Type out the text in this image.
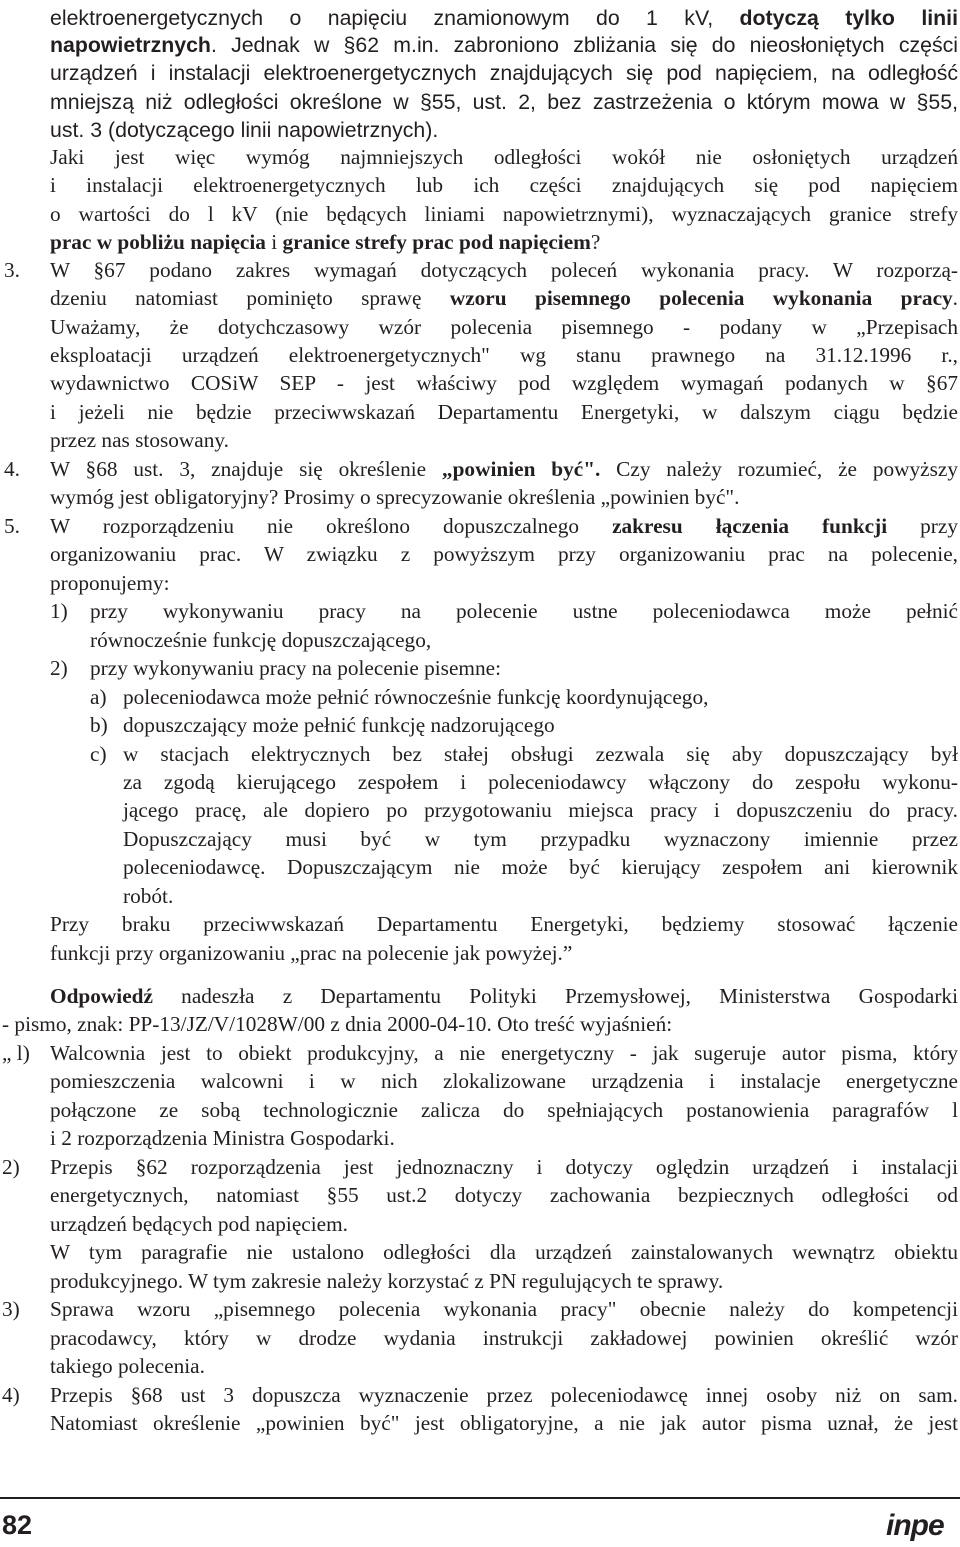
elektroenergetycznych o napięciu znamionowym do 1 kV, dotyczą tylko linii
napowietrznych. Jednak w §62 m.in. zabroniono zbliżania się do nieosłoniętych części
urządzeń i instalacji elektroenergetycznych znajdujących się pod napięciem, na odległość
mniejszą niż odległości określone w §55, ust. 2, bez zastrzeżenia o którym mowa w §55,
ust. 3 (dotyczącego linii napowietrznych).
Jaki jest więc wymóg najmniejszych odległości wokół nie osłoniętych urządzeń
i instalacji elektroenergetycznych lub ich części znajdujących się pod napięciem
o wartości do l kV (nie będących liniami napowietrznymi), wyznaczających granice strefy
prac w pobliżu napięcia i granice strefy prac pod napięciem?
W §67 podano zakres wymagań dotyczących poleceń wykonania pracy. W rozporzą-
3.
dzeniu natomiast pominięto sprawę wzoru pisemnego polecenia wykonania pracy.
Uważamy, że dotychczasowy wzór polecenia pisemnego - podany w „Przepisach
eksploatacji urządzeń elektroenergetycznych" wg stanu prawnego na 31.12.1996 r.,
wydawnictwo COSiW SEP - jest właściwy pod względem wymagań podanych w §67
i jeżeli nie będzie przeciwwskazań Departamentu Energetyki, w dalszym ciągu będzie
przez nas stosowany.
W §68 ust. 3, znajduje się określenie „powinien być". Czy należy rozumieć, że powyższy
4.
wymóg jest obligatoryjny? Prosimy o sprecyzowanie określenia „powinien być".
W rozporządzeniu nie określono dopuszczalnego zakresu łączenia funkcji przy
5.
organizowaniu prac. W związku z powyższym przy organizowaniu prac na polecenie,
proponujemy:
przy wykonywaniu pracy na polecenie ustne poleceniodawca może pełnić
1)
równocześnie funkcję dopuszczającego,
przy wykonywaniu pracy na polecenie pisemne:
2)
poleceniodawca może pełnić równocześnie funkcję koordynującego,
a)
dopuszczający może pełnić funkcję nadzorującego
b)
w stacjach elektrycznych bez stałej obsługi zezwala się aby dopuszczający był
c)
za zgodą kierującego zespołem i poleceniodawcy włączony do zespołu wykonu-
jącego pracę, ale dopiero po przygotowaniu miejsca pracy i dopuszczeniu do pracy.
Dopuszczający musi być w tym przypadku wyznaczony imiennie przez
poleceniodawcę. Dopuszczającym nie może być kierujący zespołem ani kierownik
robót.
Przy braku przeciwwskazań Departamentu Energetyki, będziemy stosować łączenie
funkcji przy organizowaniu „prac na polecenie jak powyżej.”
Odpowiedź nadeszła z Departamentu Polityki Przemysłowej, Ministerstwa Gospodarki
- pismo, znak: PP-13/JZ/V/1028W/00 z dnia 2000-04-10. Oto treść wyjaśnień:
Walcownia jest to obiekt produkcyjny, a nie energetyczny - jak sugeruje autor pisma, który
„ l)
pomieszczenia walcowni i w nich zlokalizowane urządzenia i instalacje energetyczne
połączone ze sobą technologicznie zalicza do spełniających postanowienia paragrafów l
i 2 rozporządzenia Ministra Gospodarki.
Przepis §62 rozporządzenia jest jednoznaczny i dotyczy oględzin urządzeń i instalacji
2)
energetycznych, natomiast §55 ust.2 dotyczy zachowania bezpiecznych odległości od
urządzeń będących pod napięciem.
W tym paragrafie nie ustalono odległości dla urządzeń zainstalowanych wewnątrz obiektu
produkcyjnego. W tym zakresie należy korzystać z PN regulujących te sprawy.
Sprawa wzoru „pisemnego polecenia wykonania pracy" obecnie należy do kompetencji
3)
pracodawcy, który w drodze wydania instrukcji zakładowej powinien określić wzór
takiego polecenia.
Przepis §68 ust 3 dopuszcza wyznaczenie przez poleceniodawcę innej osoby niż on sam.
4)
Natomiast określenie „powinien być" jest obligatoryjne, a nie jak autor pisma uznał, że jest
82	inpe
